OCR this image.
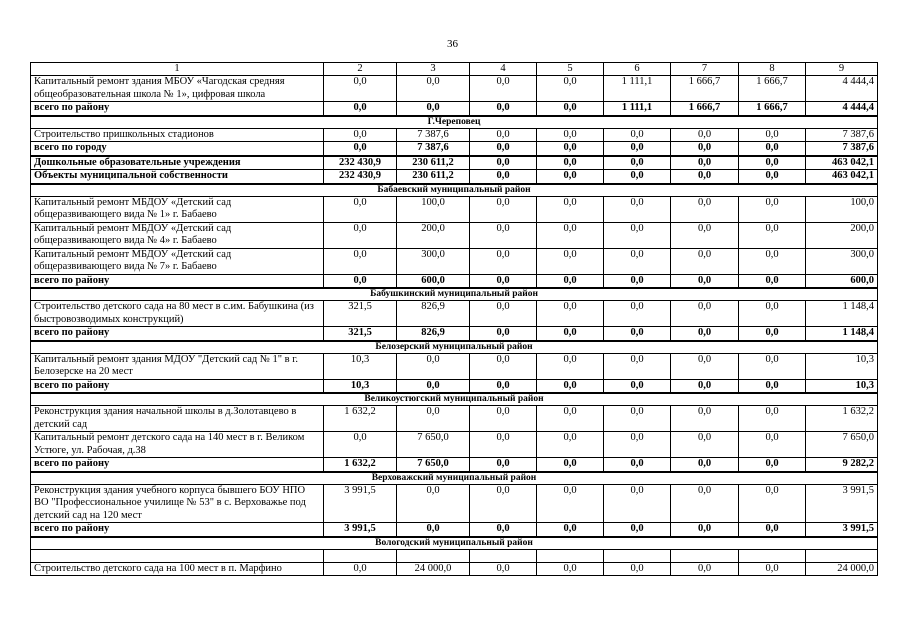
36
1	2	3	4	5	6	7	8	9
Капитальный ремонт здания МБОУ «Чагодская средняя общеобразовательная школа № 1», цифровая школа	0,0	0,0	0,0	0,0	1 111,1	1 666,7	1 666,7	4 444,4
всего по району	0,0	0,0	0,0	0,0	1 111,1	1 666,7	1 666,7	4 444,4
Г.Череповец								
Строительство пришкольных стадионов	0,0	7 387,6	0,0	0,0	0,0	0,0	0,0	7 387,6
всего по городу	0,0	7 387,6	0,0	0,0	0,0	0,0	0,0	7 387,6
Дошкольные образовательные учреждения	232 430,9	230 611,2	0,0	0,0	0,0	0,0	0,0	463 042,1
Объекты муниципальной собственности	232 430,9	230 611,2	0,0	0,0	0,0	0,0	0,0	463 042,1
Бабаевский муниципальный район								
Капитальный ремонт МБДОУ «Детский сад общеразвивающего вида № 1» г. Бабаево	0,0	100,0	0,0	0,0	0,0	0,0	0,0	100,0
Капитальный ремонт МБДОУ «Детский сад общеразвивающего вида № 4» г. Бабаево	0,0	200,0	0,0	0,0	0,0	0,0	0,0	200,0
Капитальный ремонт МБДОУ «Детский сад общеразвивающего вида № 7» г. Бабаево	0,0	300,0	0,0	0,0	0,0	0,0	0,0	300,0
всего по району	0,0	600,0	0,0	0,0	0,0	0,0	0,0	600,0
Бабушкинский муниципальный район								
Строительство детского сада на 80 мест в с.им. Бабушкина (из быстровозводимых конструкций)	321,5	826,9	0,0	0,0	0,0	0,0	0,0	1 148,4
всего по району	321,5	826,9	0,0	0,0	0,0	0,0	0,0	1 148,4
Белозерский муниципальный район								
Капитальный ремонт здания МДОУ "Детский сад № 1" в г. Белозерске на 20 мест	10,3	0,0	0,0	0,0	0,0	0,0	0,0	10,3
всего по району	10,3	0,0	0,0	0,0	0,0	0,0	0,0	10,3
Великоустюгский муниципальный район								
Реконструкция здания начальной школы в д.Золотавцево в детский сад	1 632,2	0,0	0,0	0,0	0,0	0,0	0,0	1 632,2
Капитальный ремонт детского сада на 140 мест в г. Великом Устюге, ул. Рабочая, д.38	0,0	7 650,0	0,0	0,0	0,0	0,0	0,0	7 650,0
всего по району	1 632,2	7 650,0	0,0	0,0	0,0	0,0	0,0	9 282,2
Верховажский муниципальный район								
Реконструкция здания учебного корпуса бывшего БОУ НПО ВО "Профессиональное училище № 53" в с. Верховажье под детский сад на 120 мест	3 991,5	0,0	0,0	0,0	0,0	0,0	0,0	3 991,5
всего по району	3 991,5	0,0	0,0	0,0	0,0	0,0	0,0	3 991,5
Вологодский муниципальный район								

Строительство детского сада на 100 мест в п. Марфино	0,0	24 000,0	0,0	0,0	0,0	0,0	0,0	24 000,0
